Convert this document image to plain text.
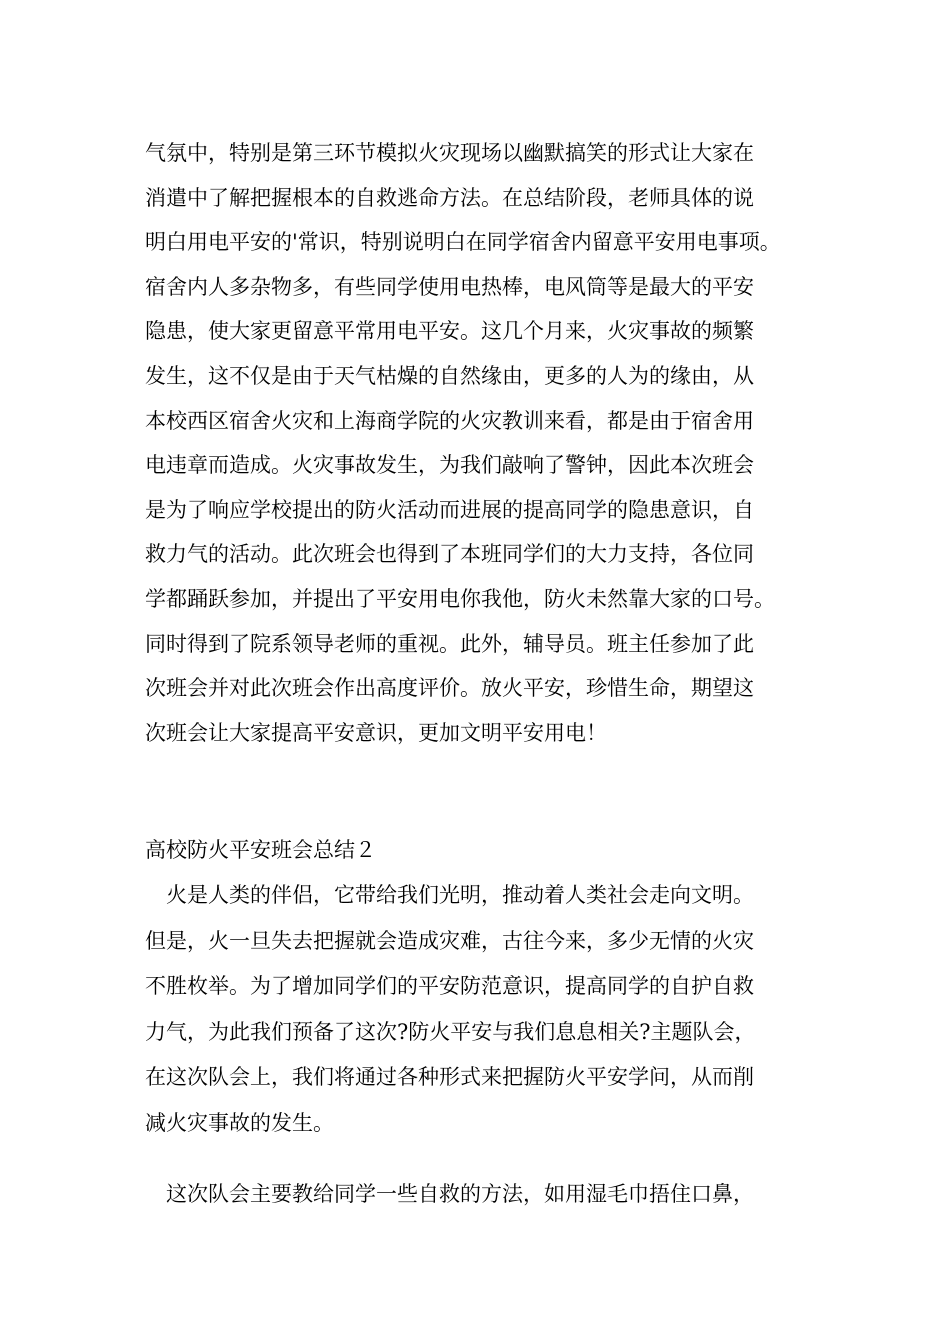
气氛中，特别是第三环节模拟火灾现场以幽默搞笑的形式让大家在
消遣中了解把握根本的自救逃命方法。在总结阶段，老师具体的说
明白用电平安的'常识，特别说明白在同学宿舍内留意平安用电事项。
宿舍内人多杂物多，有些同学使用电热棒，电风筒等是最大的平安
隐患，使大家更留意平常用电平安。这几个月来，火灾事故的频繁
发生，这不仅是由于天气枯燥的自然缘由，更多的人为的缘由，从
本校西区宿舍火灾和上海商学院的火灾教训来看，都是由于宿舍用
电违章而造成。火灾事故发生，为我们敲响了警钟，因此本次班会
是为了响应学校提出的防火活动而进展的提高同学的隐患意识，自
救力气的活动。此次班会也得到了本班同学们的大力支持，各位同
学都踊跃参加，并提出了平安用电你我他，防火未然靠大家的口号。
同时得到了院系领导老师的重视。此外，辅导员。班主任参加了此
次班会并对此次班会作出高度评价。放火平安，珍惜生命，期望这
次班会让大家提高平安意识，更加文明平安用电！
高校防火平安班会总结２
火是人类的伴侣，它带给我们光明，推动着人类社会走向文明。
但是，火一旦失去把握就会造成灾难，古往今来，多少无情的火灾
不胜枚举。为了增加同学们的平安防范意识，提高同学的自护自救
力气，为此我们预备了这次?防火平安与我们息息相关?主题队会，
在这次队会上，我们将通过各种形式来把握防火平安学问，从而削
减火灾事故的发生。
这次队会主要教给同学一些自救的方法，如用湿毛巾捂住口鼻，
